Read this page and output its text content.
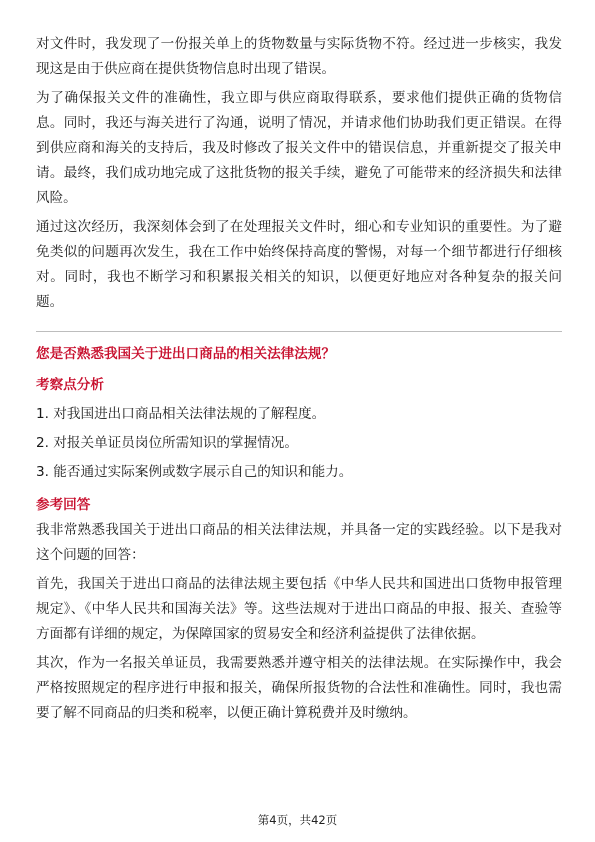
对文件时，我发现了一份报关单上的货物数量与实际货物不符。经过进一步核实，我发现这是由于供应商在提供货物信息时出现了错误。

为了确保报关文件的准确性，我立即与供应商取得联系，要求他们提供正确的货物信息。同时，我还与海关进行了沟通，说明了情况，并请求他们协助我们更正错误。在得到供应商和海关的支持后，我及时修改了报关文件中的错误信息，并重新提交了报关申请。最终，我们成功地完成了这批货物的报关手续，避免了可能带来的经济损失和法律风险。

通过这次经历，我深刻体会到了在处理报关文件时，细心和专业知识的重要性。为了避免类似的问题再次发生，我在工作中始终保持高度的警惕，对每一个细节都进行仔细核对。同时，我也不断学习和积累报关相关的知识，以便更好地应对各种复杂的报关问题。

您是否熟悉我国关于进出口商品的相关法律法规？

考察点分析

1. 对我国进出口商品相关法律法规的了解程度。

2. 对报关单证员岗位所需知识的掌握情况。

3. 能否通过实际案例或数字展示自己的知识和能力。

参考回答

我非常熟悉我国关于进出口商品的相关法律法规，并具备一定的实践经验。以下是我对这个问题的回答：

首先，我国关于进出口商品的法律法规主要包括《中华人民共和国进出口货物申报管理规定》、《中华人民共和国海关法》等。这些法规对于进出口商品的申报、报关、查验等方面都有详细的规定，为保障国家的贸易安全和经济利益提供了法律依据。

其次，作为一名报关单证员，我需要熟悉并遵守相关的法律法规。在实际操作中，我会严格按照规定的程序进行申报和报关，确保所报货物的合法性和准确性。同时，我也需要了解不同商品的归类和税率，以便正确计算税费并及时缴纳。

第4页，共42页
